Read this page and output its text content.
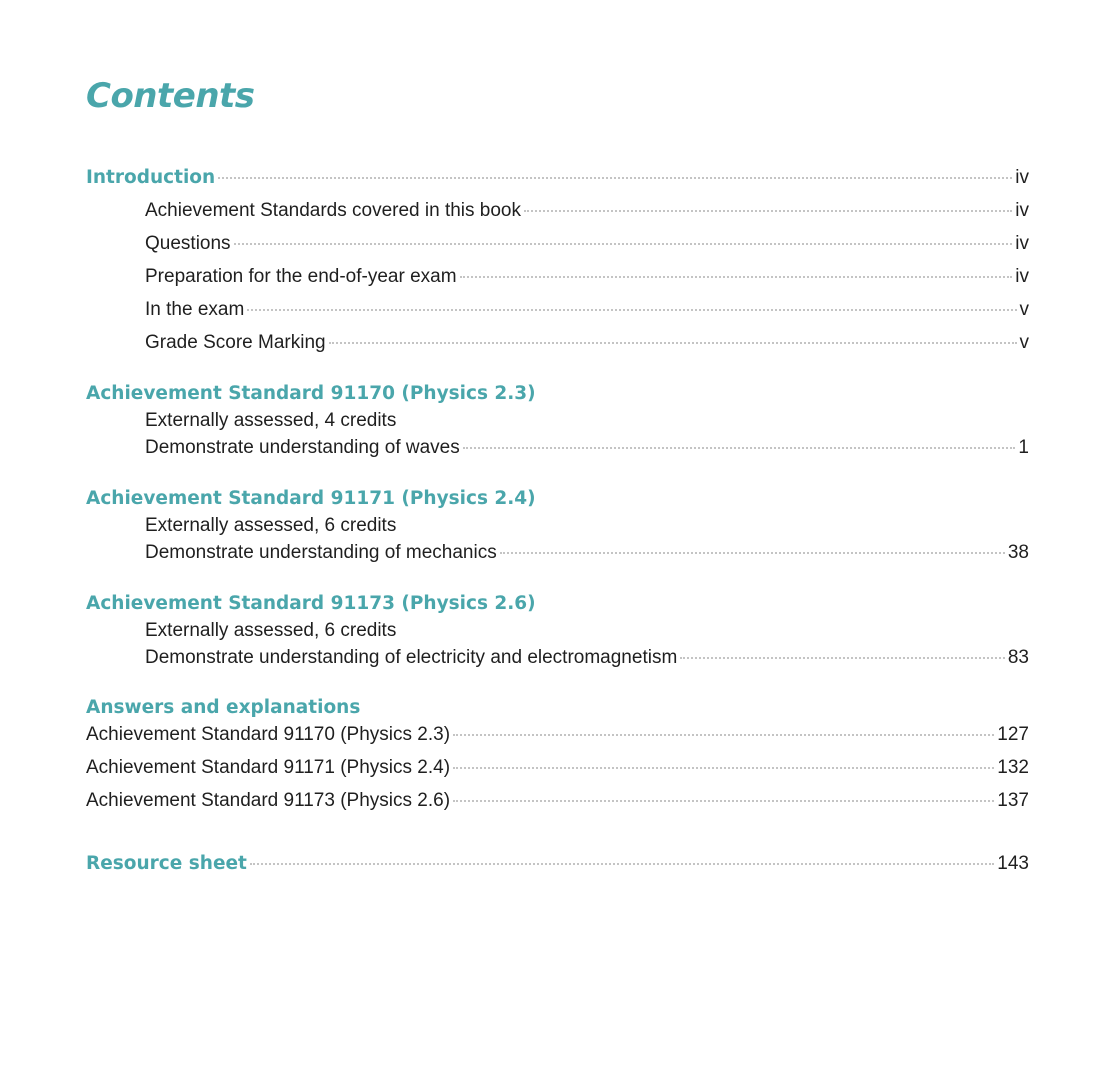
Contents
Introduction	iv
Achievement Standards covered in this book	iv
Questions	iv
Preparation for the end-of-year exam	iv
In the exam	v
Grade Score Marking	v
Achievement Standard 91170 (Physics 2.3)
Externally assessed, 4 credits
Demonstrate understanding of waves	1
Achievement Standard 91171 (Physics 2.4)
Externally assessed, 6 credits
Demonstrate understanding of mechanics	38
Achievement Standard 91173 (Physics 2.6)
Externally assessed, 6 credits
Demonstrate understanding of electricity and electromagnetism	83
Answers and explanations
Achievement Standard 91170 (Physics 2.3)	127
Achievement Standard 91171 (Physics 2.4)	132
Achievement Standard 91173 (Physics 2.6)	137
Resource sheet	143
